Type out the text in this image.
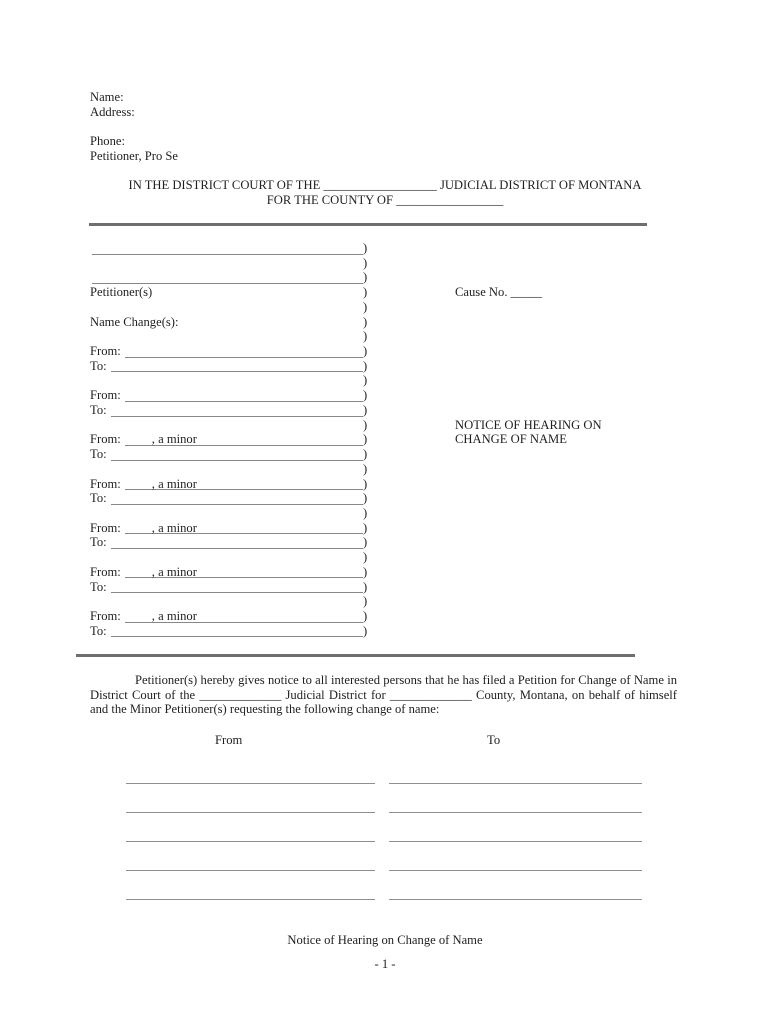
Name:
Address:
Phone:
Petitioner, Pro Se
IN THE DISTRICT COURT OF THE __________________ JUDICIAL DISTRICT OF MONTANA
FOR THE COUNTY OF _________________
)
)
)
Petitioner(s)	)	Cause No. _____
)
Name Change(s):	)
)
From:	)
To:	)
)
From:	)
To:	)
)	NOTICE OF HEARING ON
From:	, a minor	)	CHANGE OF NAME
To:	)
)
From:	, a minor	)
To:	)
)
From:	, a minor	)
To:	)
)
From:	, a minor	)
To:	)
)
From:	, a minor	)
To:	)

Petitioner(s) hereby gives notice to all interested persons that he has filed a Petition for Change of Name in District Court of the _____________ Judicial District for _____________ County, Montana, on behalf of himself and the Minor Petitioner(s) requesting the following change of name:

From	To
Notice of Hearing on Change of Name
- 1 -
